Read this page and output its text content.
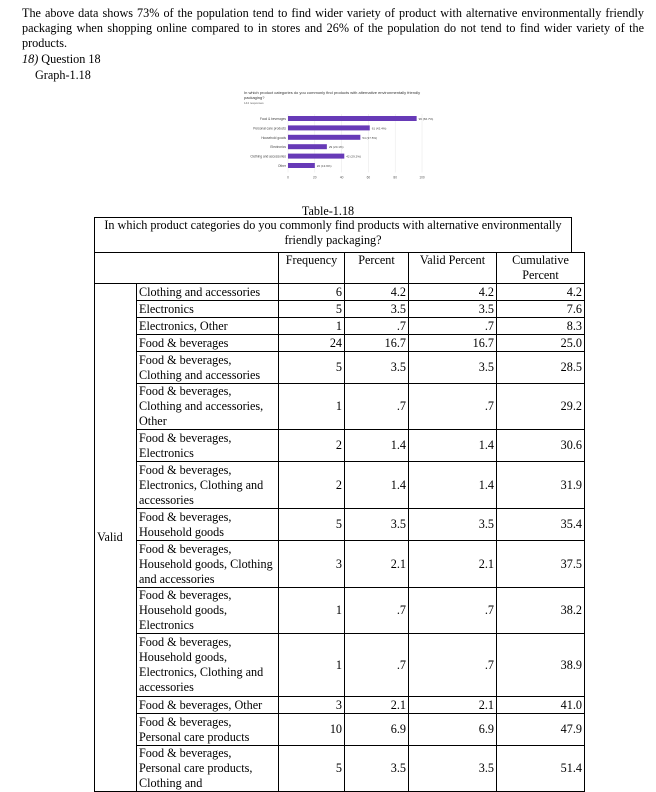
The above data shows 73% of the population tend to find wider variety of product with alternative environmentally friendly packaging when shopping online compared to in stores and 26% of the population do not tend to find wider variety of the products.
18) Question 18
Graph-1.18
In which product categories do you commonly find products with alternative environmentally friendly packaging?
144 responses
0	20	40	60	80	100
Food & beverages	96 (66.7%)
Personal care products	61 (42.4%)
Household goods	54 (37.5%)
Electronics	29 (20.1%)
Clothing and accessories	42 (29.2%)
Other	20 (13.9%)
Table-1.18
In which product categories do you commonly find products with alternative environmentally friendly packaging?
		Frequency	Percent	Valid Percent	Cumulative Percent
Valid	Clothing and accessories	6	4.2	4.2	4.2
	Electronics	5	3.5	3.5	7.6
	Electronics, Other	1	.7	.7	8.3
	Food & beverages	24	16.7	16.7	25.0
	Food & beverages, Clothing and accessories	5	3.5	3.5	28.5
	Food & beverages, Clothing and accessories, Other	1	.7	.7	29.2
	Food & beverages, Electronics	2	1.4	1.4	30.6
	Food & beverages, Electronics, Clothing and accessories	2	1.4	1.4	31.9
	Food & beverages, Household goods	5	3.5	3.5	35.4
	Food & beverages, Household goods, Clothing and accessories	3	2.1	2.1	37.5
	Food & beverages, Household goods, Electronics	1	.7	.7	38.2
	Food & beverages, Household goods, Electronics, Clothing and accessories	1	.7	.7	38.9
	Food & beverages, Other	3	2.1	2.1	41.0
	Food & beverages, Personal care products	10	6.9	6.9	47.9
	Food & beverages, Personal care products, Clothing and	5	3.5	3.5	51.4
